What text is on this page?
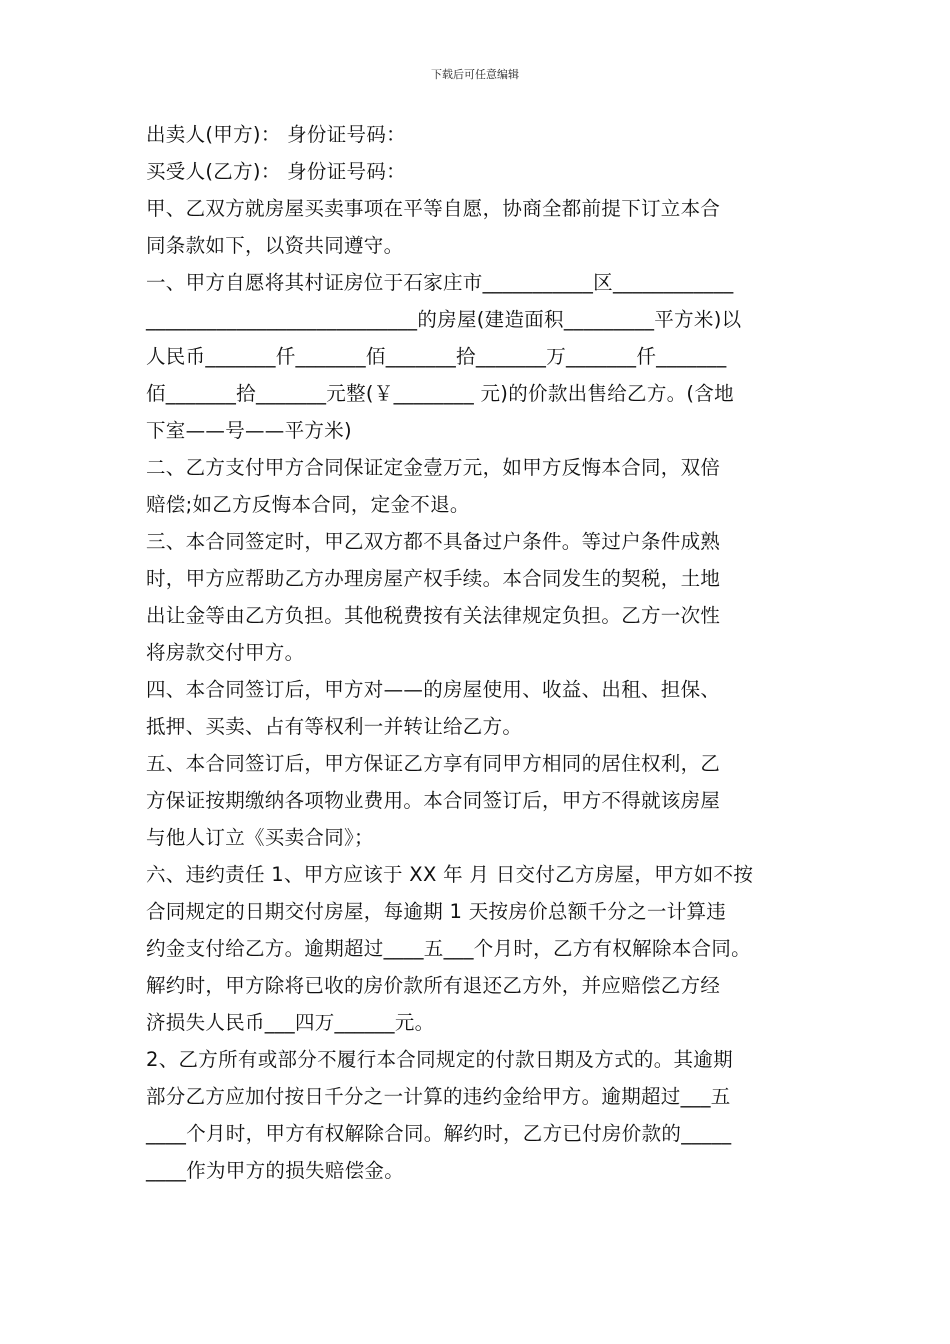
下载后可任意编辑
出卖人(甲方)： 身份证号码：
买受人(乙方)： 身份证号码：
甲、乙双方就房屋买卖事项在平等自愿，协商全都前提下订立本合
同条款如下，以资共同遵守。
一、甲方自愿将其村证房位于石家庄市___________区____________
___________________________的房屋(建造面积_________平方米)以
人民币_______仟_______佰_______拾_______万_______仟_______
佰_______拾_______元整(￥________ 元)的价款出售给乙方。(含地
下室——号——平方米)
二、乙方支付甲方合同保证定金壹万元，如甲方反悔本合同，双倍
赔偿;如乙方反悔本合同，定金不退。
三、本合同签定时，甲乙双方都不具备过户条件。等过户条件成熟
时，甲方应帮助乙方办理房屋产权手续。本合同发生的契税，土地
出让金等由乙方负担。其他税费按有关法律规定负担。乙方一次性
将房款交付甲方。
四、本合同签订后，甲方对——的房屋使用、收益、出租、担保、
抵押、买卖、占有等权利一并转让给乙方。
五、本合同签订后，甲方保证乙方享有同甲方相同的居住权利，乙
方保证按期缴纳各项物业费用。本合同签订后，甲方不得就该房屋
与他人订立《买卖合同》；
六、违约责任 1、甲方应该于 XX 年 月 日交付乙方房屋，甲方如不按
合同规定的日期交付房屋，每逾期 1 天按房价总额千分之一计算违
约金支付给乙方。逾期超过____五___个月时，乙方有权解除本合同。
解约时，甲方除将已收的房价款所有退还乙方外，并应赔偿乙方经
济损失人民币___四万______元。
2、乙方所有或部分不履行本合同规定的付款日期及方式的。其逾期
部分乙方应加付按日千分之一计算的违约金给甲方。逾期超过___五
____个月时，甲方有权解除合同。解约时，乙方已付房价款的_____
____作为甲方的损失赔偿金。
